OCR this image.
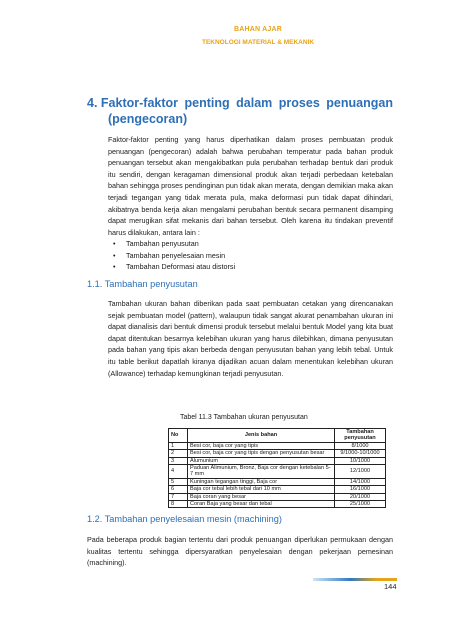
BAHAN AJAR
TEKNOLOGI MATERIAL & MEKANIK
4. Faktor-faktor penting dalam proses penuangan
(pengecoran)
Faktor-faktor penting yang harus diperhatikan dalam proses pembuatan produk penuangan (pengecoran) adalah bahwa perubahan temperatur pada bahan produk penuangan tersebut akan mengakibatkan pula perubahan terhadap bentuk dari produk itu sendiri, dengan keragaman dimensional produk akan terjadi perbedaan ketebalan bahan sehingga proses pendinginan pun tidak akan merata, dengan demikian maka akan terjadi tegangan yang tidak merata pula, maka deformasi pun tidak dapat dihindari, akibatnya benda kerja akan mengalami perubahan bentuk secara permanent disamping dapat merugikan sifat mekanis dari bahan tersebut. Oleh karena itu tindakan preventif harus dilakukan, antara lain :
•	Tambahan penyusutan
•	Tambahan penyelesaian mesin
•	Tambahan Deformasi atau distorsi
1.1. Tambahan penyusutan
Tambahan ukuran bahan diberikan pada saat pembuatan cetakan yang direncanakan sejak pembuatan model (pattern), walaupun tidak sangat akurat penambahan ukuran ini dapat dianalisis dari bentuk dimensi produk tersebut melalui bentuk Model yang kita buat dapat ditentukan besarnya kelebihan ukuran yang harus dilebihkan, dimana penyusutan pada bahan yang tipis akan berbeda dengan penyusutan bahan yang lebih tebal. Untuk itu table berikut dapatlah kiranya dijadikan acuan dalam menentukan kelebihan ukuran (Allowance) terhadap kemungkinan terjadi penyusutan.
Tabel 11.3 Tambahan ukuran penyusutan
No	Jenis bahan	Tambahan penyusutan
1	Besi cor, baja cor yang tipis	8/1000
2	Besi cor, baja cor yang tipis dengan penyusutan besar	9/1000-10/1000
3	Alumunium	10/1000
4	Paduan Alimunium, Bronz, Baja cor dengan ketebalan 5-7 mm	12/1000
5	Kuningan tegangan tinggi, Baja cor	14/1000
6	Baja cor tebal lebih tebal dari 10 mm	16/1000
7	Baja coran yang besar	20/1000
8	Coran Baja yang besar dan tebal	25/1000
1.2. Tambahan penyelesaian mesin (machining)
Pada beberapa produk bagian tertentu dari produk penuangan diperlukan permukaan dengan kualitas tertentu sehingga dipersyaratkan penyelesaian dengan pekerjaan pemesinan (machining).
144
